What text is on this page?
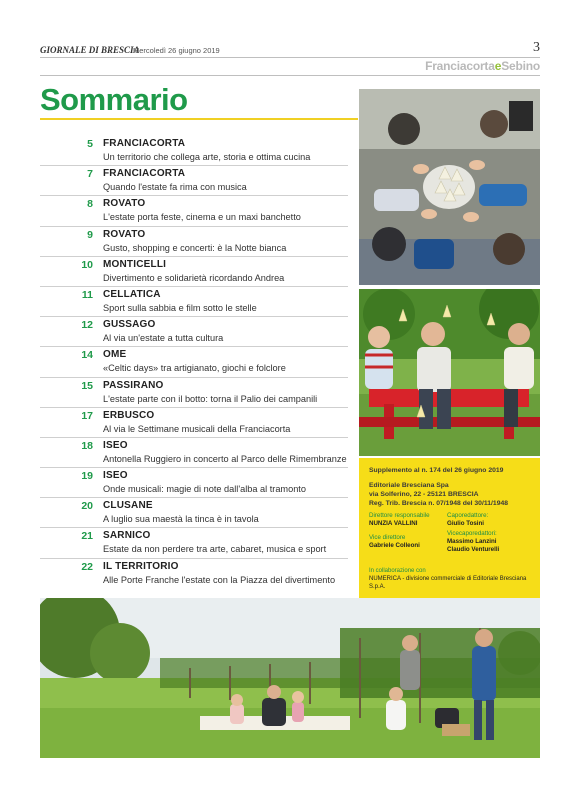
GIORNALE DI BRESCIA
Mercoledì 26 giugno 2019	3
FranciacortaeSebino
Sommario
5 FRANCIACORTA
Un territorio che collega arte, storia e ottima cucina
7 FRANCIACORTA
Quando l'estate fa rima con musica
8 ROVATO
L'estate porta feste, cinema e un maxi banchetto
9 ROVATO
Gusto, shopping e concerti: è la Notte bianca
10 MONTICELLI
Divertimento e solidarietà ricordando Andrea
11 CELLATICA
Sport sulla sabbia e film sotto le stelle
12 GUSSAGO
Al via un'estate a tutta cultura
14 OME
«Celtic days» tra artigianato, giochi e folclore
15 PASSIRANO
L'estate parte con il botto: torna il Palio dei campanili
17 ERBUSCO
Al via le Settimane musicali della Franciacorta
18 ISEO
Antonella Ruggiero in concerto al Parco delle Rimembranze
19 ISEO
Onde musicali: magie di note dall'alba al tramonto
20 CLUSANE
A luglio sua maestà la tinca è in tavola
21 SARNICO
Estate da non perdere tra arte, cabaret, musica e sport
22 IL TERRITORIO
Alle Porte Franche l'estate con la Piazza del divertimento
Supplemento al n. 174 del 26 giugno 2019
Editoriale Bresciana Spa
via Solferino, 22 - 25121 BRESCIA
Reg. Trib. Brescia n. 07/1948 del 30/11/1948
Direttore responsabile
NUNZIA VALLINI
Vice direttore
Gabriele Colleoni
Caporedattore:
Giulio Tosini
Vicecaporedattori:
Massimo Lanzini
Claudio Venturelli
In collaborazione con
NUMERICA - divisione commerciale di Editoriale Bresciana S.p.A.
